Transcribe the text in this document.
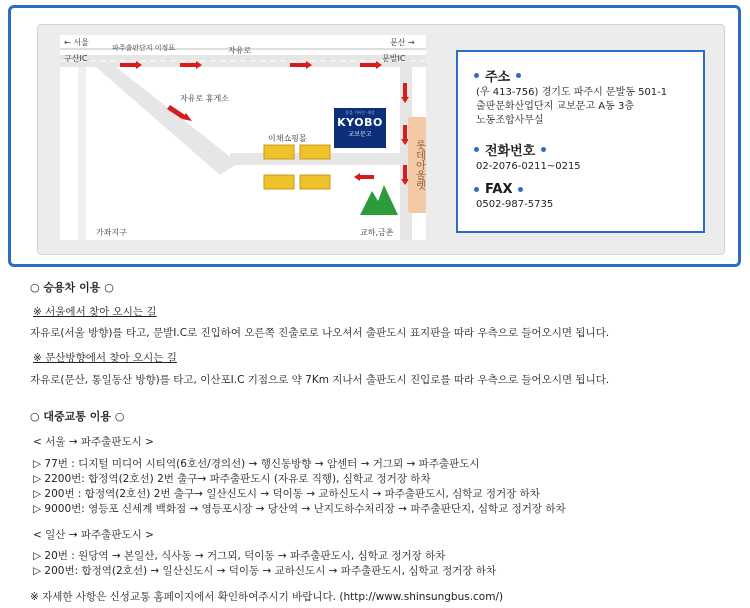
← 서울	문산 →
구산IC
파주출판단지 이정표	자유로
문발IC
자유로 휴게소
이채쇼핑몰
심학산
가좌지구	교하,금촌
좋을 가꾸는 세상
KYOBO
교보문고
롯데아울렛
주소
(우 413-756) 경기도 파주시 문발동 501-1
출판문화산업단지 교보문고 A동 3층
노동조합사무실
전화번호
02-2076-0211~0215
FAX
0502-987-5735
○ 승용차 이용 ○
※ 서울에서 찾아 오시는 길
자유로(서울 방향)를 타고, 문발I.C로 진입하여 오른쪽 진출로로 나오셔서 출판도시 표지판을 따라 우측으로 들어오시면 됩니다.
※ 문산방향에서 찾아 오시는 길
자유로(문산, 통일동산 방향)를 타고, 이산포I.C 기점으로 약 7Km 지나서 출판도시 진입로를 따라 우측으로 들어오시면 됩니다.
○ 대중교통 이용 ○
< 서울 → 파주출판도시 >
▷ 77번 : 디지털 미디어 시티역(6호선/경의선) → 행신동방향 → 암센터 → 거그뫼 → 파주출판도시
▷ 2200번: 합정역(2호선) 2번 출구→ 파주출판도시 (자유로 직행), 심학교 정거장 하차
▷ 200번 : 합정역(2호선) 2번 출구→ 일산신도시 → 덕이동 → 교하신도시 → 파주출판도시, 심학교 정거장 하차
▷ 9000번: 영등포 신세계 백화점 → 영등포시장 → 당산역 → 난지도하수처리장 → 파주출판단지, 심학교 정거장 하차
< 일산 → 파주출판도시 >
▷ 20번 : 원당역 → 본일산, 식사동 → 거그뫼, 덕이동 → 파주출판도시, 심학교 정거장 하차
▷ 200번: 합정역(2호선) → 일산신도시 → 덕이동 → 교하신도시 → 파주출판도시, 심학교 정거장 하차
※ 자세한 사항은 신성교통 홈페이지에서 확인하여주시기 바랍니다. (http://www.shinsungbus.com/)
